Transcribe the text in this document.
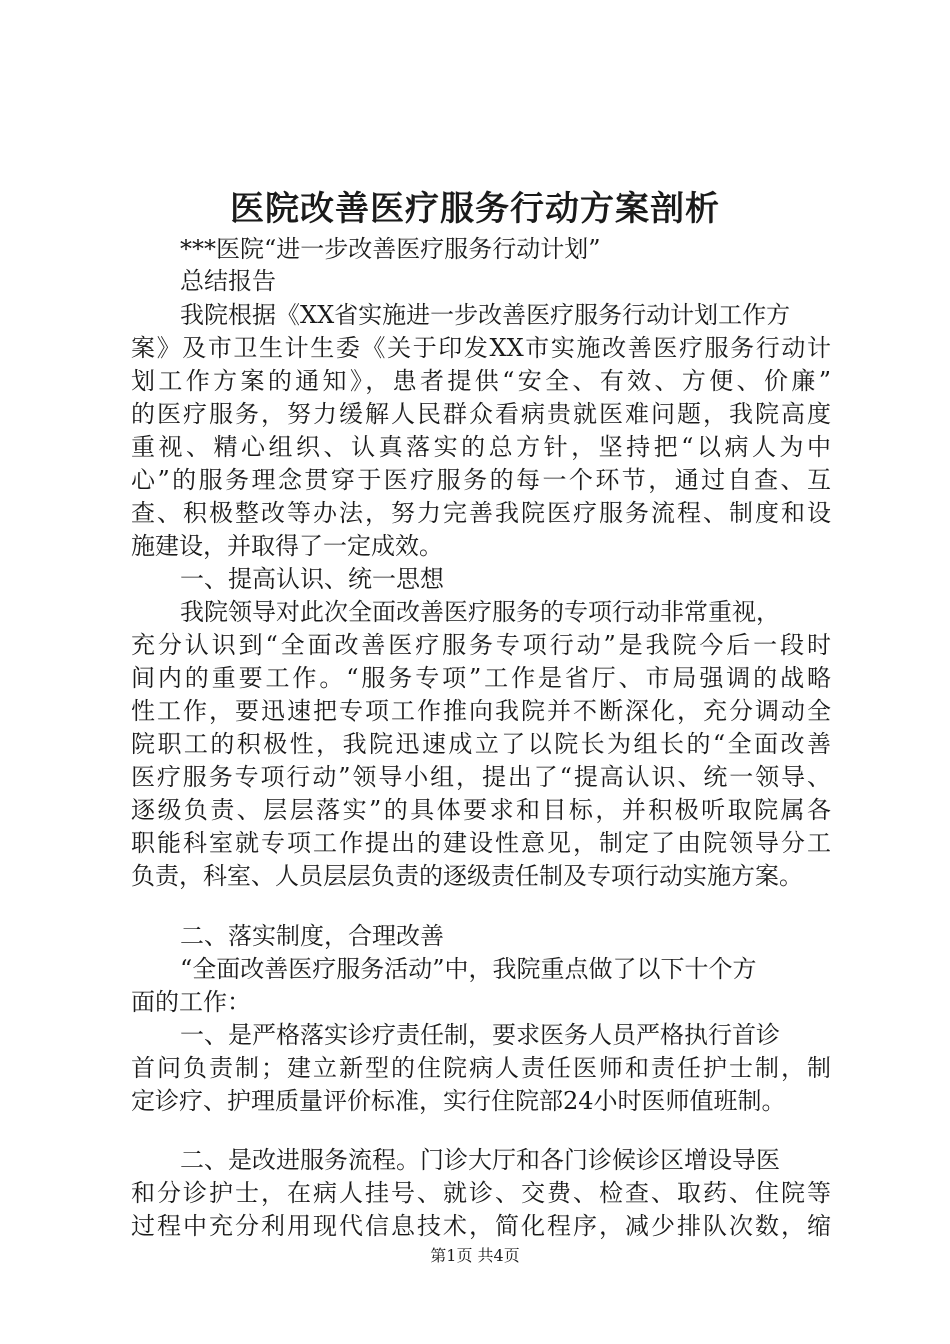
医院改善医疗服务行动方案剖析
***医院“进一步改善医疗服务行动计划”
总结报告
我院根据《XX省实施进一步改善医疗服务行动计划工作方
案》及市卫生计生委《关于印发XX市实施改善医疗服务行动计
划工作方案的通知》，患者提供“安全、有效、方便、价廉”
的医疗服务，努力缓解人民群众看病贵就医难问题，我院高度
重视、精心组织、认真落实的总方针，坚持把“以病人为中
心”的服务理念贯穿于医疗服务的每一个环节，通过自查、互
查、积极整改等办法，努力完善我院医疗服务流程、制度和设
施建设，并取得了一定成效。
一、提高认识、统一思想
我院领导对此次全面改善医疗服务的专项行动非常重视，
充分认识到“全面改善医疗服务专项行动”是我院今后一段时
间内的重要工作。“服务专项”工作是省厅、市局强调的战略
性工作，要迅速把专项工作推向我院并不断深化，充分调动全
院职工的积极性，我院迅速成立了以院长为组长的“全面改善
医疗服务专项行动”领导小组，提出了“提高认识、统一领导、
逐级负责、层层落实”的具体要求和目标，并积极听取院属各
职能科室就专项工作提出的建设性意见，制定了由院领导分工
负责，科室、人员层层负责的逐级责任制及专项行动实施方案。
二、落实制度，合理改善
“全面改善医疗服务活动”中，我院重点做了以下十个方
面的工作：
一、是严格落实诊疗责任制，要求医务人员严格执行首诊
首问负责制；建立新型的住院病人责任医师和责任护士制，制
定诊疗、护理质量评价标准，实行住院部24小时医师值班制。
二、是改进服务流程。门诊大厅和各门诊候诊区增设导医
和分诊护士，在病人挂号、就诊、交费、检查、取药、住院等
过程中充分利用现代信息技术，简化程序，减少排队次数，缩
第1页 共4页
